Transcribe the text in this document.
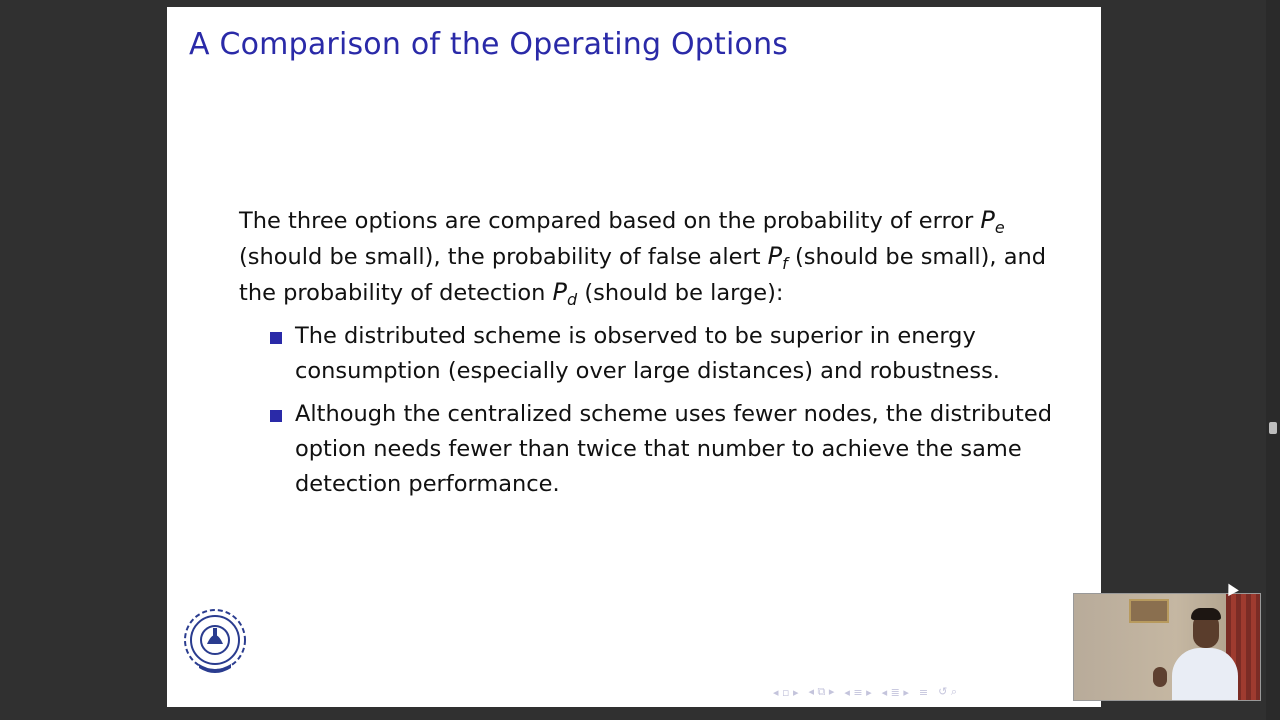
A Comparison of the Operating Options
The three options are compared based on the probability of error $P_e$ (should be small), the probability of false alert $P_f$ (should be small), and the probability of detection $P_d$ (should be large):
The distributed scheme is observed to be superior in energy consumption (especially over large distances) and robustness.
Although the centralized scheme uses fewer nodes, the distributed option needs fewer than twice that number to achieve the same detection performance.
◂ ▫ ▸ ◂ ⧉ ▸ ◂ ≡ ▸ ◂ ≣ ▸ ≡ ↺ ⌕
